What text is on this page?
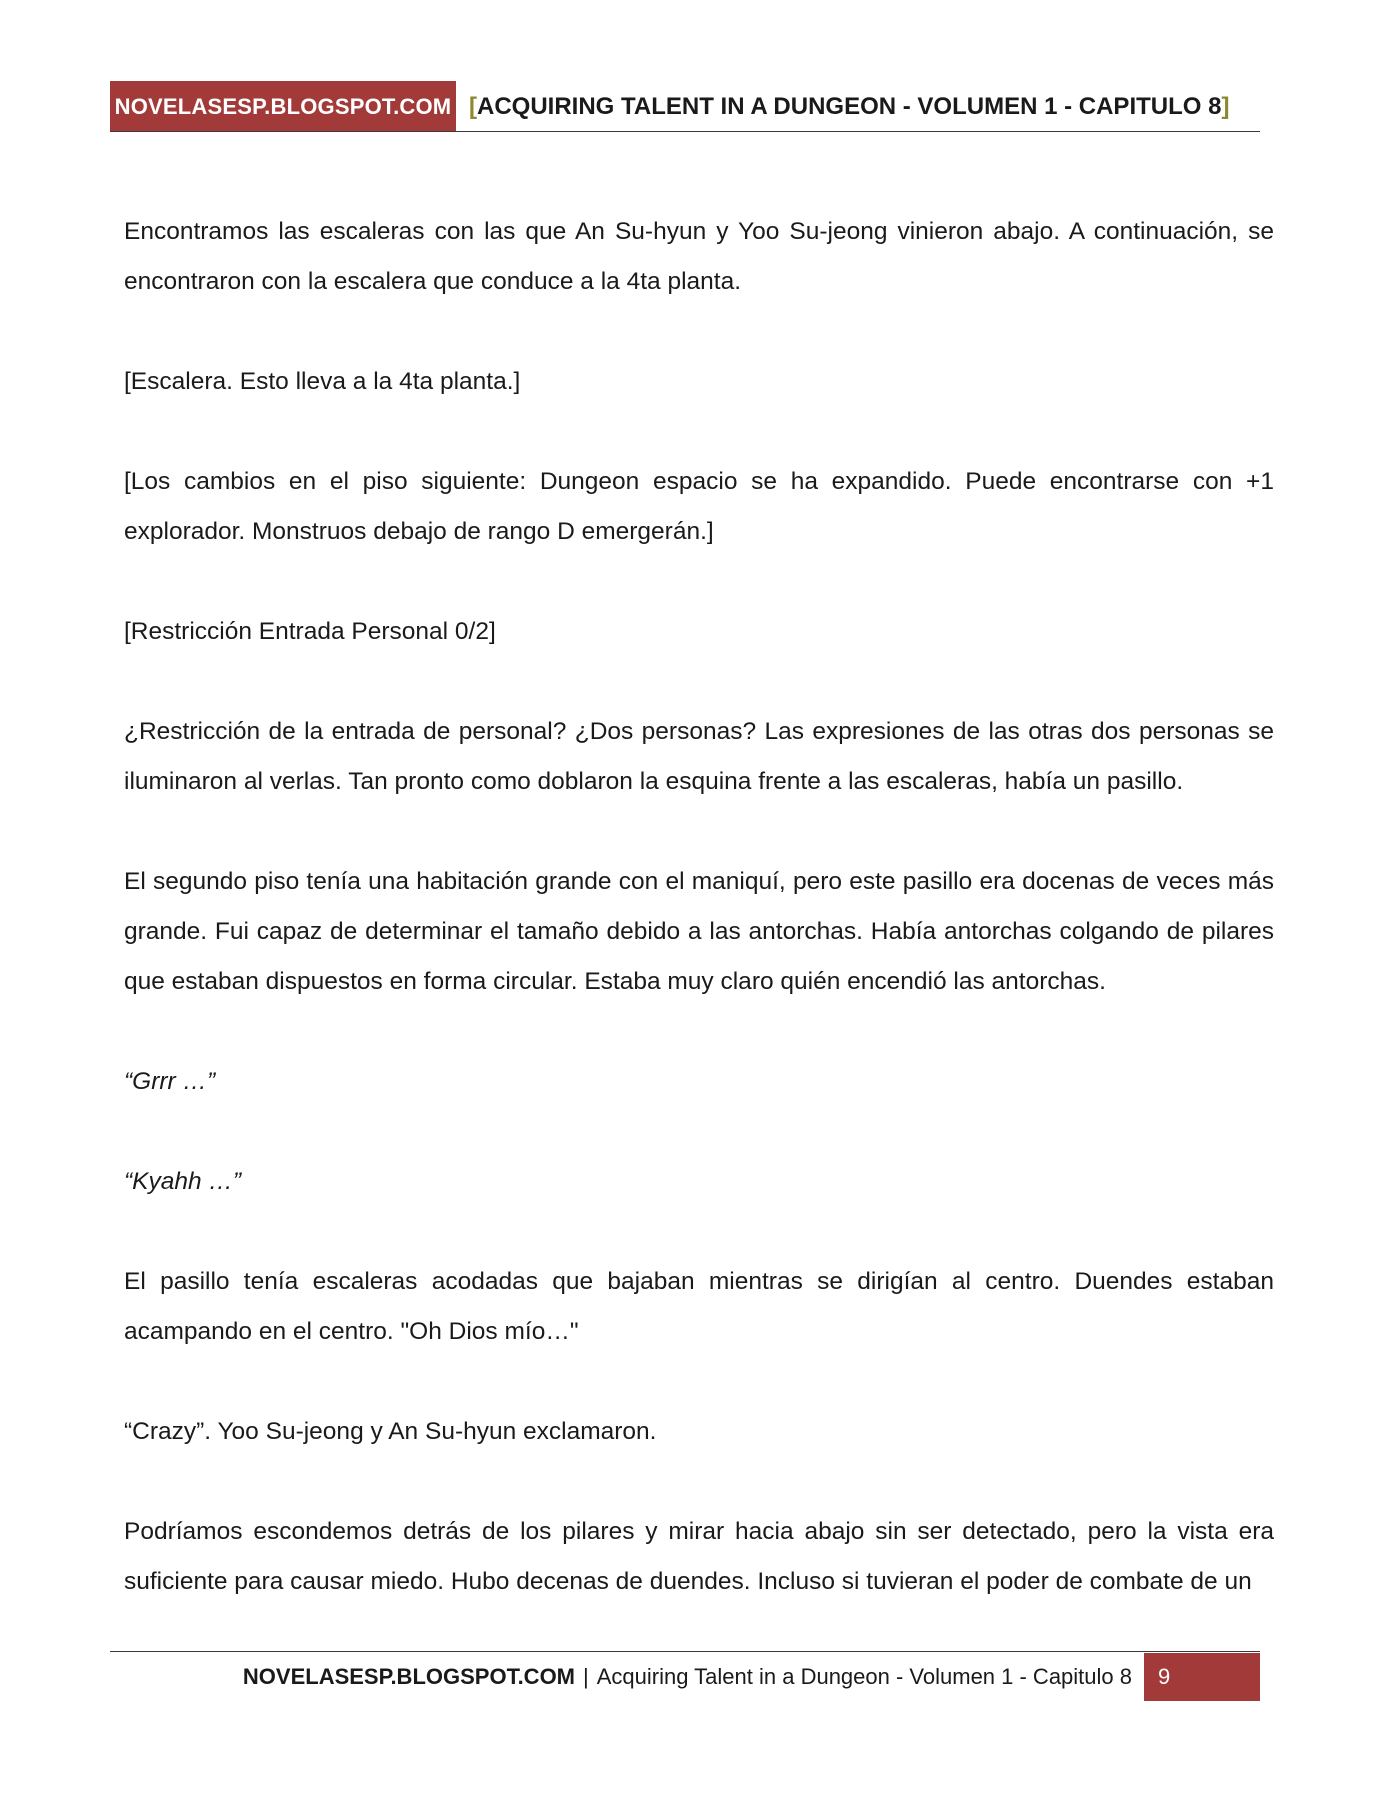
NOVELASESP.BLOGSPOT.COM [ACQUIRING TALENT IN A DUNGEON - VOLUMEN 1 - CAPITULO 8]

Encontramos las escaleras con las que An Su-hyun y Yoo Su-jeong vinieron abajo. A continuación, se encontraron con la escalera que conduce a la 4ta planta.

[Escalera. Esto lleva a la 4ta planta.]

[Los cambios en el piso siguiente: Dungeon espacio se ha expandido. Puede encontrarse con +1 explorador. Monstruos debajo de rango D emergerán.]

[Restricción Entrada Personal 0/2]

¿Restricción de la entrada de personal? ¿Dos personas? Las expresiones de las otras dos personas se iluminaron al verlas. Tan pronto como doblaron la esquina frente a las escaleras, había un pasillo.

El segundo piso tenía una habitación grande con el maniquí, pero este pasillo era docenas de veces más grande. Fui capaz de determinar el tamaño debido a las antorchas. Había antorchas colgando de pilares que estaban dispuestos en forma circular. Estaba muy claro quién encendió las antorchas.

“Grrr …”

“Kyahh …”

El pasillo tenía escaleras acodadas que bajaban mientras se dirigían al centro. Duendes estaban acampando en el centro. "Oh Dios mío…"

“Crazy”. Yoo Su-jeong y An Su-hyun exclamaron.

Podríamos escondemos detrás de los pilares y mirar hacia abajo sin ser detectado, pero la vista era suficiente para causar miedo. Hubo decenas de duendes. Incluso si tuvieran el poder de combate de un

NOVELASESP.BLOGSPOT.COM | Acquiring Talent in a Dungeon - Volumen 1 - Capitulo 8	9
